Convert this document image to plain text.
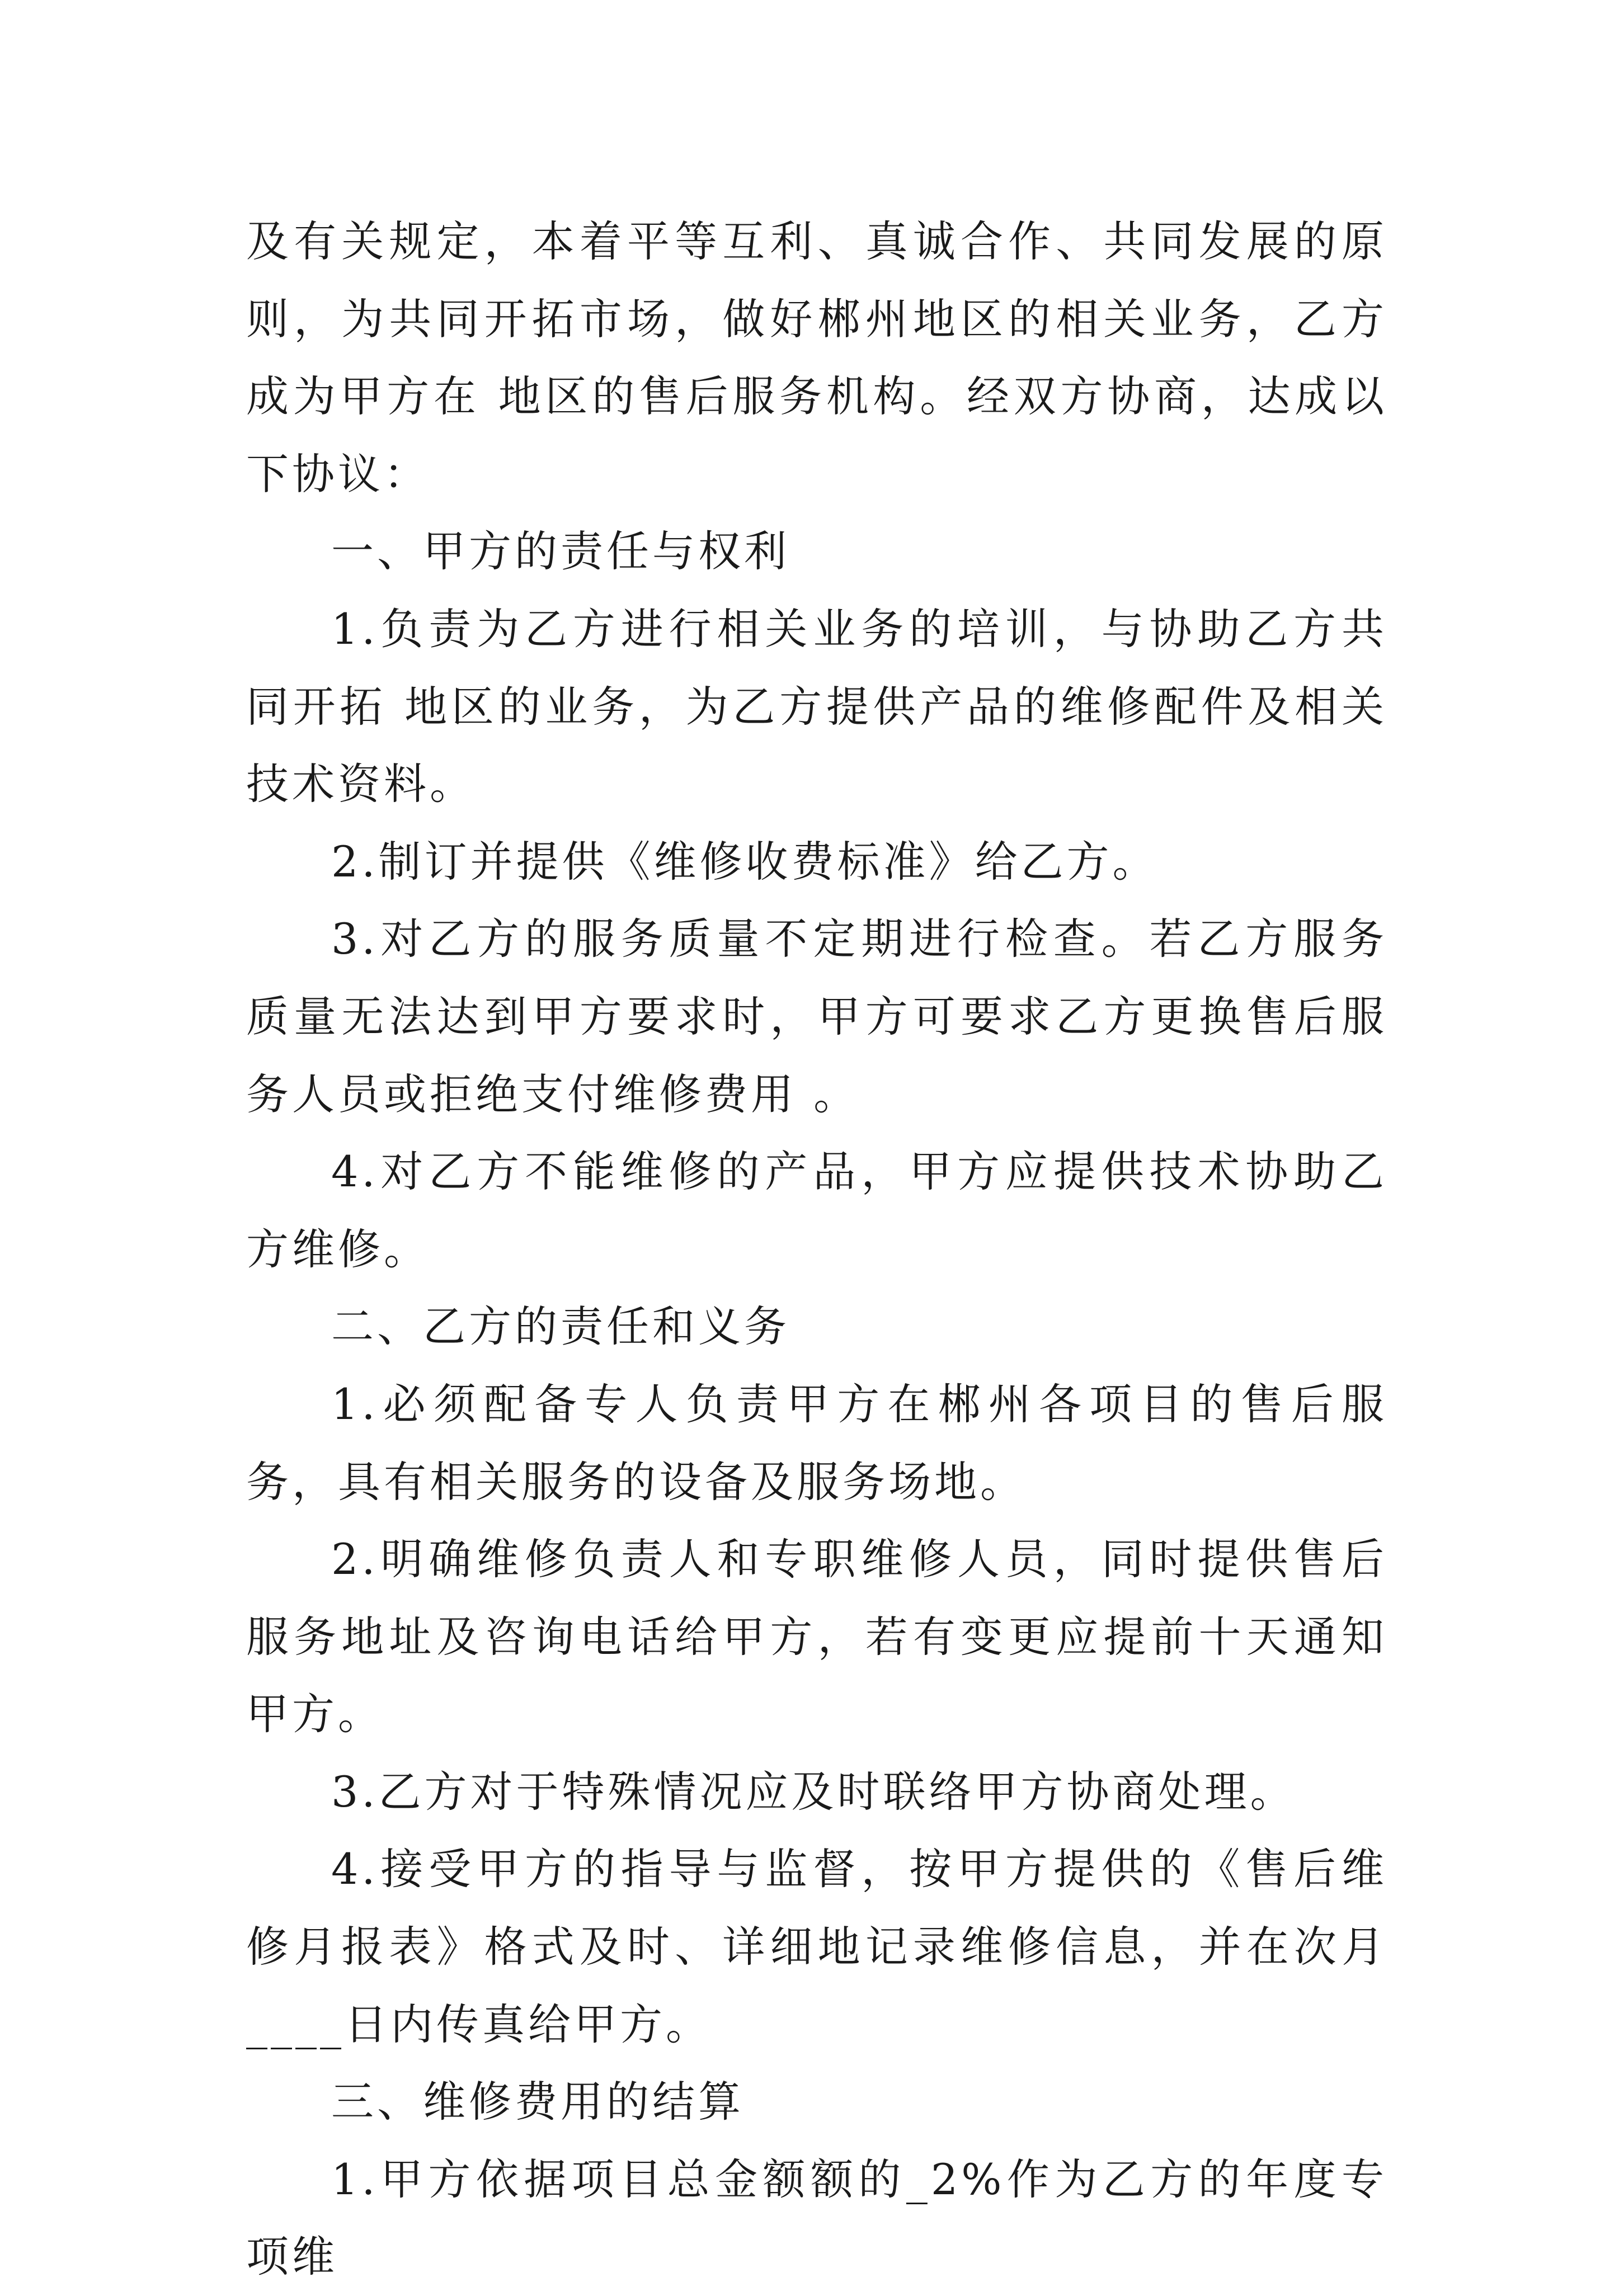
及有关规定，本着平等互利、真诚合作、共同发展的原则，为共同开拓市场，做好郴州地区的相关业务，乙方成为甲方在 地区的售后服务机构。经双方协商，达成以下协议：

一、甲方的责任与权利

1.负责为乙方进行相关业务的培训，与协助乙方共同开拓 地区的业务，为乙方提供产品的维修配件及相关技术资料。

2.制订并提供《维修收费标准》给乙方。

3.对乙方的服务质量不定期进行检查。若乙方服务质量无法达到甲方要求时，甲方可要求乙方更换售后服务人员或拒绝支付维修费用 。

4.对乙方不能维修的产品，甲方应提供技术协助乙方维修。

二、乙方的责任和义务

1.必须配备专人负责甲方在郴州各项目的售后服务，具有相关服务的设备及服务场地。

2.明确维修负责人和专职维修人员，同时提供售后服务地址及咨询电话给甲方，若有变更应提前十天通知甲方。

3.乙方对于特殊情况应及时联络甲方协商处理。

4.接受甲方的指导与监督，按甲方提供的《售后维修月报表》格式及时、详细地记录维修信息，并在次月____日内传真给甲方。

三、维修费用的结算

1.甲方依据项目总金额额的_2%作为乙方的年度专项维
